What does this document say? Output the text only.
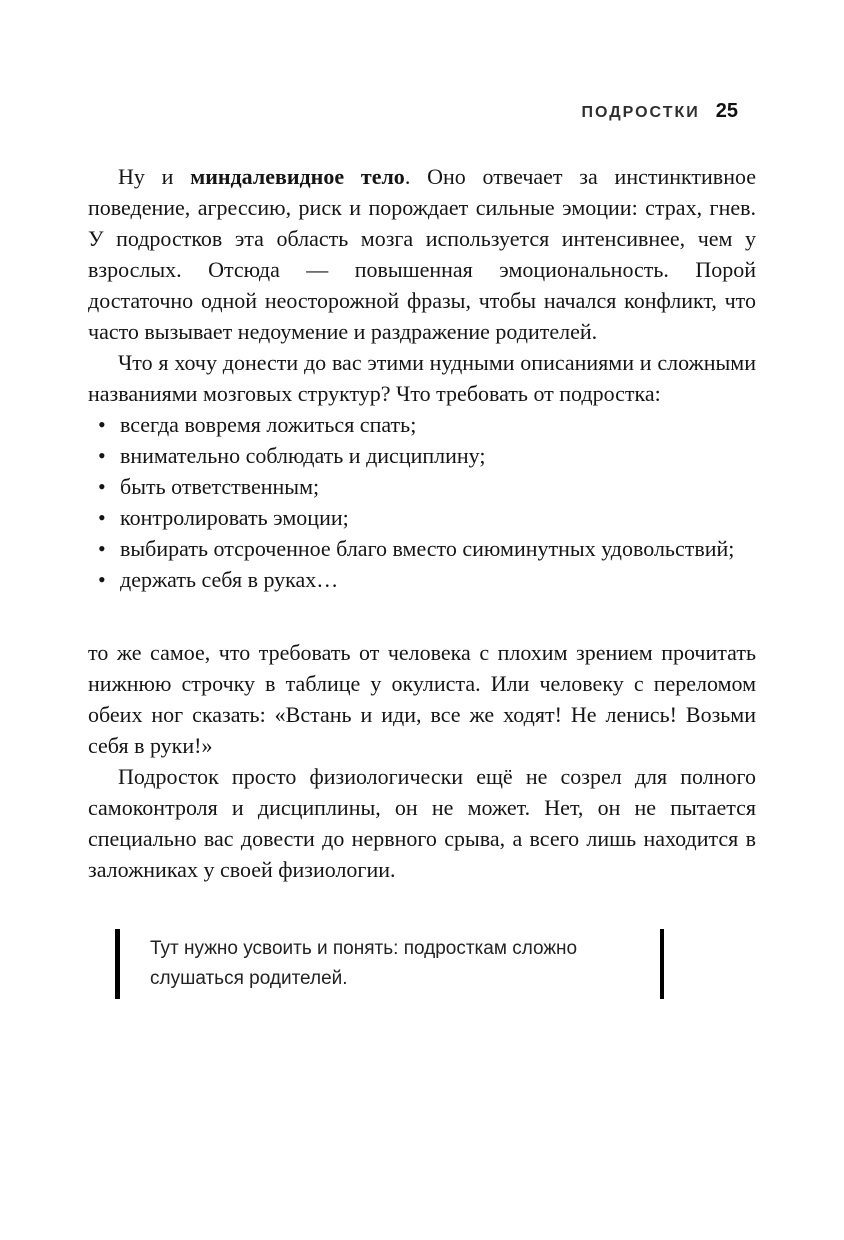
ПОДРОСТКИ 25

Ну и миндалевидное тело. Оно отвечает за инстинктивное поведение, агрессию, риск и порождает сильные эмоции: страх, гнев. У подростков эта область мозга используется интенсивнее, чем у взрослых. Отсюда — повышенная эмоциональность. Порой достаточно одной неосторожной фразы, чтобы начался конфликт, что часто вызывает недоумение и раздражение родителей.

Что я хочу донести до вас этими нудными описаниями и сложными названиями мозговых структур? Что требовать от подростка:

• всегда вовремя ложиться спать;
• внимательно соблюдать и дисциплину;
• быть ответственным;
• контролировать эмоции;
• выбирать отсроченное благо вместо сиюминутных удовольствий;
• держать себя в руках…

то же самое, что требовать от человека с плохим зрением прочитать нижнюю строчку в таблице у окулиста. Или человеку с переломом обеих ног сказать: «Встань и иди, все же ходят! Не ленись! Возьми себя в руки!»

Подросток просто физиологически ещё не созрел для полного самоконтроля и дисциплины, он не может. Нет, он не пытается специально вас довести до нервного срыва, а всего лишь находится в заложниках у своей физиологии.

Тут нужно усвоить и понять: подросткам сложно слушаться родителей.
